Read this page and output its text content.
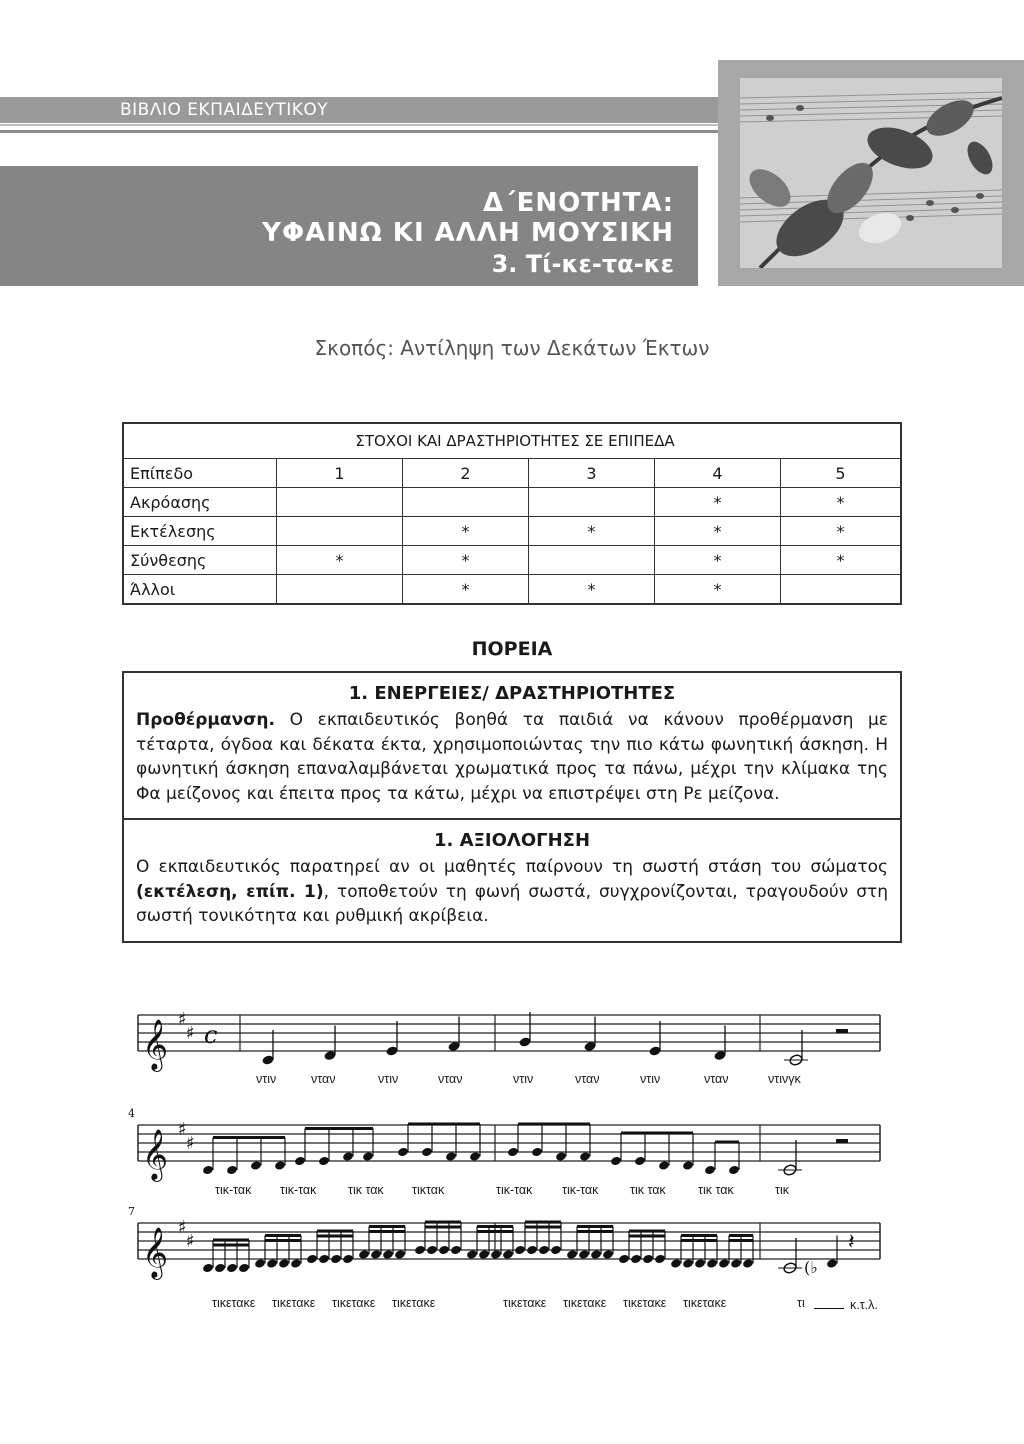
ΒΙΒΛΙΟ ΕΚΠΑΙΔΕΥΤΙΚΟΥ
Δ΄ΕΝΟΤΗΤΑ:
ΥΦΑΙΝΩ ΚΙ ΑΛΛΗ ΜΟΥΣΙΚΗ
3. Τί-κε-τα-κε
Σκοπός: Αντίληψη των Δεκάτων Έκτων
ΣΤΟΧΟΙ ΚΑΙ ΔΡΑΣΤΗΡΙΟΤΗΤΕΣ ΣΕ ΕΠΙΠΕΔΑ					
Επίπεδο	1	2	3	4	5
Ακρόασης				*	*
Εκτέλεσης		*	*	*	*
Σύνθεσης	*	*		*	*
Άλλοι		*	*	*	
ΠΟΡΕΙΑ
1. ΕΝΕΡΓΕΙΕΣ/ ΔΡΑΣΤΗΡΙΟΤΗΤΕΣ

Προθέρμανση. Ο εκπαιδευτικός βοηθά τα παιδιά να κάνουν προθέρμανση με τέταρτα, όγδοα και δέκατα έκτα, χρησιμοποιώντας την πιο κάτω φωνητική άσκηση. Η φωνητική άσκηση επαναλαμβάνεται χρωματικά προς τα πάνω, μέχρι την κλίμακα της Φα μείζονος και έπειτα προς τα κάτω, μέχρι να επιστρέψει στη Ρε μείζονα.

1. ΑΞΙΟΛΟΓΗΣΗ

Ο εκπαιδευτικός παρατηρεί αν οι μαθητές παίρνουν τη σωστή στάση του σώματος (εκτέλεση, επίπ. 1), τοποθετούν τη φωνή σωστά, συγχρονίζονται, τραγουδούν στη σωστή τονικότητα και ρυθμική ακρίβεια.

𝄞 ♯
♯
𝄞 ♯
♯
𝄞 ♯
♯
c
4
7
(♭
𝄽
ντιν	νταν	ντιν	νταν	ντιν	νταν	ντιν	νταν	ντινγκ
τικ-τακ τικ-τακ	τικ τακ τικτακ	τικ-τακ τικ-τακ	τικ τακ	τικ τακ	τικ
τικετακε τικετακε τικετακε τικετακε	τικετακε τικετακε τικετακε τικετακε	τι	κ.τ.λ.
